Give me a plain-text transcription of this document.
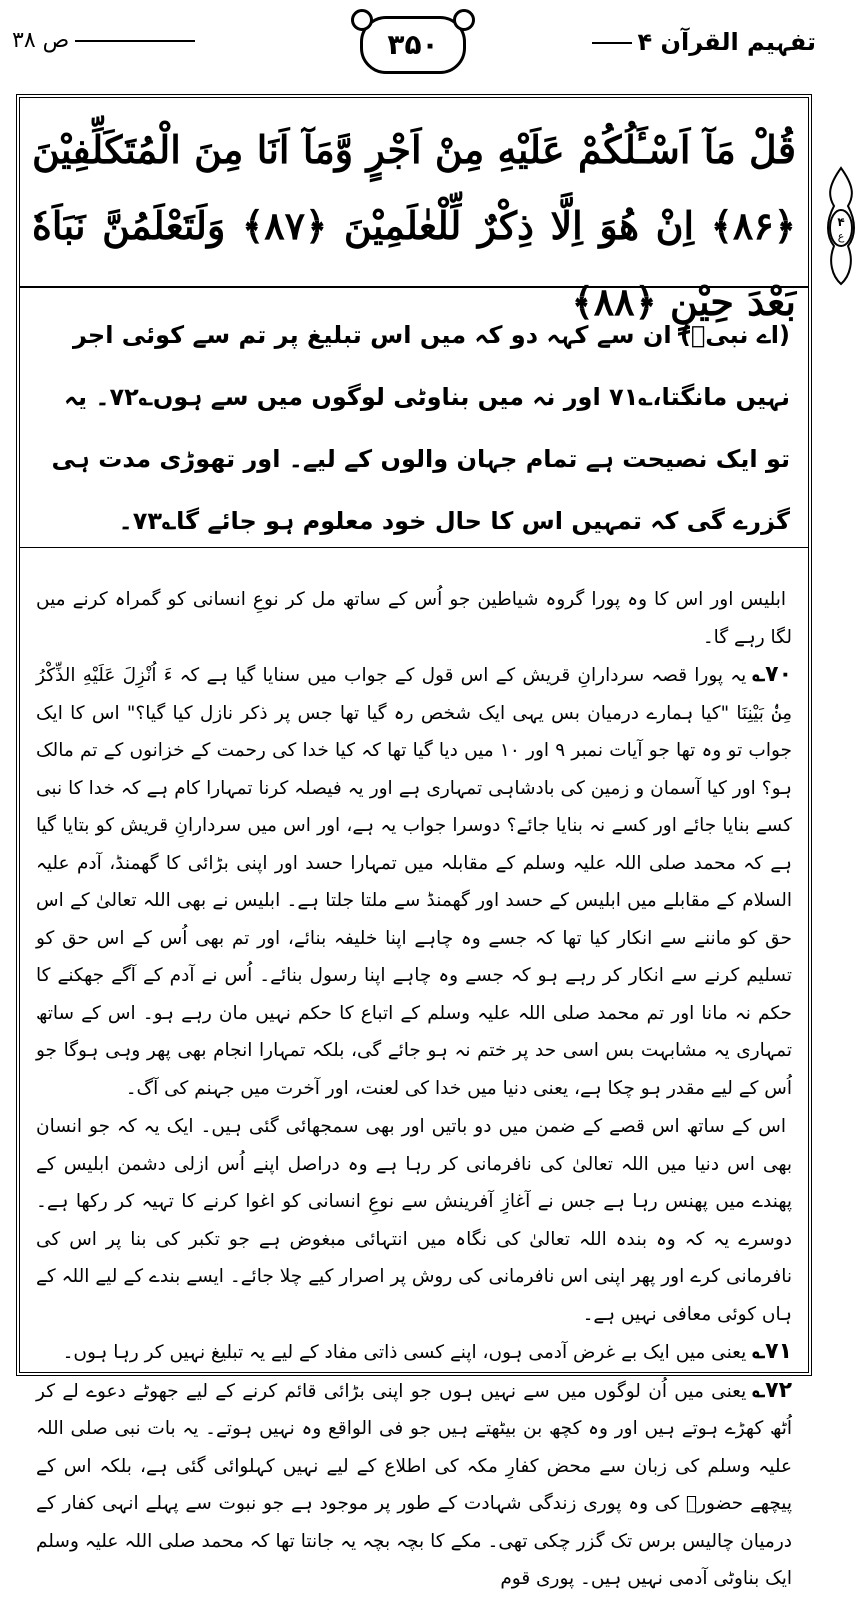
ص ۳۸	۳۵۰	تفہیم القرآن ۴
۴
ع
قُلْ مَآ اَسْـَٔلُكُمْ عَلَيْهِ مِنْ اَجْرٍ وَّمَآ اَنَا مِنَ الْمُتَكَلِّفِيْنَ ﴿۸۶﴾ اِنْ هُوَ اِلَّا ذِكْرٌ لِّلْعٰلَمِيْنَ ﴿۸۷﴾ وَلَتَعْلَمُنَّ نَبَاَهٗ بَعْدَ حِيْنٍ ﴿۸۸﴾
(اے نبیؐ) ان سے کہہ دو کہ میں اس تبلیغ پر تم سے کوئی اجر نہیں مانگتا،؎۷۱ اور نہ میں بناوٹی لوگوں میں سے ہوں؎۷۲۔ یہ تو ایک نصیحت ہے تمام جہان والوں کے لیے۔ اور تھوڑی مدت ہی گزرے گی کہ تمہیں اس کا حال خود معلوم ہو جائے گا؎۷۳۔

ابلیس اور اس کا وہ پورا گروہ شیاطین جو اُس کے ساتھ مل کر نوعِ انسانی کو گمراہ کرنے میں لگا رہے گا۔

۷۰؎یہ پورا قصہ سردارانِ قریش کے اس قول کے جواب میں سنایا گیا ہے کہ ءَ اُنْزِلَ عَلَيْهِ الذِّكْرُ مِنْۢ بَيْنِنَا "کیا ہمارے درمیان بس یہی ایک شخص رہ گیا تھا جس پر ذکر نازل کیا گیا؟" اس کا ایک جواب تو وہ تھا جو آیات نمبر ۹ اور ۱۰ میں دیا گیا تھا کہ کیا خدا کی رحمت کے خزانوں کے تم مالک ہو؟ اور کیا آسمان و زمین کی بادشاہی تمہاری ہے اور یہ فیصلہ کرنا تمہارا کام ہے کہ خدا کا نبی کسے بنایا جائے اور کسے نہ بنایا جائے؟ دوسرا جواب یہ ہے، اور اس میں سردارانِ قریش کو بتایا گیا ہے کہ محمد صلی اللہ علیہ وسلم کے مقابلہ میں تمہارا حسد اور اپنی بڑائی کا گھمنڈ، آدم علیہ السلام کے مقابلے میں ابلیس کے حسد اور گھمنڈ سے ملتا جلتا ہے۔ ابلیس نے بھی اللہ تعالیٰ کے اس حق کو ماننے سے انکار کیا تھا کہ جسے وہ چاہے اپنا خلیفہ بنائے، اور تم بھی اُس کے اس حق کو تسلیم کرنے سے انکار کر رہے ہو کہ جسے وہ چاہے اپنا رسول بنائے۔ اُس نے آدم کے آگے جھکنے کا حکم نہ مانا اور تم محمد صلی اللہ علیہ وسلم کے اتباع کا حکم نہیں مان رہے ہو۔ اس کے ساتھ تمہاری یہ مشابہت بس اسی حد پر ختم نہ ہو جائے گی، بلکہ تمہارا انجام بھی پھر وہی ہوگا جو اُس کے لیے مقدر ہو چکا ہے، یعنی دنیا میں خدا کی لعنت، اور آخرت میں جہنم کی آگ۔

اس کے ساتھ اس قصے کے ضمن میں دو باتیں اور بھی سمجھائی گئی ہیں۔ ایک یہ کہ جو انسان بھی اس دنیا میں اللہ تعالیٰ کی نافرمانی کر رہا ہے وہ دراصل اپنے اُس ازلی دشمن ابلیس کے پھندے میں پھنس رہا ہے جس نے آغازِ آفرینش سے نوعِ انسانی کو اغوا کرنے کا تہیہ کر رکھا ہے۔ دوسرے یہ کہ وہ بندہ اللہ تعالیٰ کی نگاہ میں انتہائی مبغوض ہے جو تکبر کی بنا پر اس کی نافرمانی کرے اور پھر اپنی اس نافرمانی کی روش پر اصرار کیے چلا جائے۔ ایسے بندے کے لیے اللہ کے ہاں کوئی معافی نہیں ہے۔

۷۱؎یعنی میں ایک بے غرض آدمی ہوں، اپنے کسی ذاتی مفاد کے لیے یہ تبلیغ نہیں کر رہا ہوں۔

۷۲؎یعنی میں اُن لوگوں میں سے نہیں ہوں جو اپنی بڑائی قائم کرنے کے لیے جھوٹے دعوے لے کر اُٹھ کھڑے ہوتے ہیں اور وہ کچھ بن بیٹھتے ہیں جو فی الواقع وہ نہیں ہوتے۔ یہ بات نبی صلی اللہ علیہ وسلم کی زبان سے محض کفارِ مکہ کی اطلاع کے لیے نہیں کہلوائی گئی ہے، بلکہ اس کے پیچھے حضورؐ کی وہ پوری زندگی شہادت کے طور پر موجود ہے جو نبوت سے پہلے انہی کفار کے درمیان چالیس برس تک گزر چکی تھی۔ مکے کا بچہ بچہ یہ جانتا تھا کہ محمد صلی اللہ علیہ وسلم ایک بناوٹی آدمی نہیں ہیں۔ پوری قوم
